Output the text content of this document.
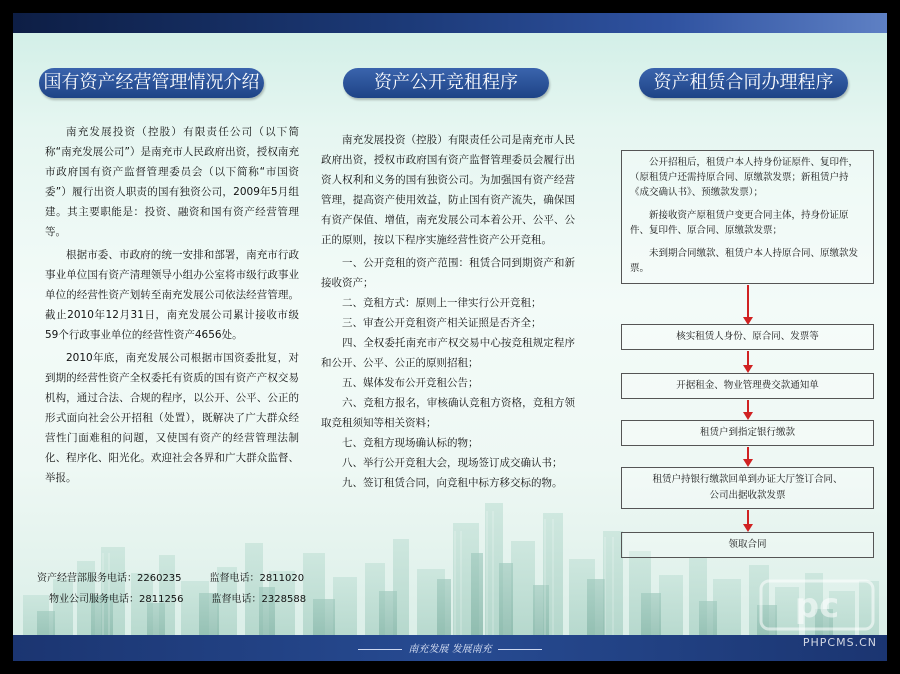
南充发展 发展南充
pc
PHPCMS.CN
国有资产经营管理情况介绍

南充发展投资（控股）有限责任公司（以下简称“南充发展公司”）是南充市人民政府出资，授权南充市政府国有资产监督管理委员会（以下简称“市国资委”）履行出资人职责的国有独资公司，2009年5月组建。其主要职能是：投资、融资和国有资产经营管理等。

根据市委、市政府的统一安排和部署，南充市行政事业单位国有资产清理领导小组办公室将市级行政事业单位的经营性资产划转至南充发展公司依法经营管理。截止2010年12月31日，南充发展公司累计接收市级59个行政事业单位的经营性资产4656处。

2010年底，南充发展公司根据市国资委批复，对到期的经营性资产全权委托有资质的国有资产产权交易机构，通过合法、合规的程序，以公开、公平、公正的形式面向社会公开招租（处置），既解决了广大群众经营性门面难租的问题，又使国有资产的经营管理法制化、程序化、阳光化。欢迎社会各界和广大群众监督、举报。

资产经营部服务电话：2260235	监督电话：2811020
物业公司服务电话：2811256	监督电话：2328588
资产公开竞租程序

南充发展投资（控股）有限责任公司是南充市人民政府出资，授权市政府国有资产监督管理委员会履行出资人权利和义务的国有独资公司。为加强国有资产经营管理，提高资产使用效益，防止国有资产流失，确保国有资产保值、增值，南充发展公司本着公开、公平、公正的原则，按以下程序实施经营性资产公开竞租。

一、公开竞租的资产范围：租赁合同到期资产和新接收资产；

二、竞租方式：原则上一律实行公开竞租；

三、审查公开竞租资产相关证照是否齐全；

四、全权委托南充市产权交易中心按竞租规定程序和公开、公平、公正的原则招租；

五、媒体发布公开竞租公告；

六、竞租方报名，审核确认竞租方资格，竞租方领取竞租须知等相关资料；

七、竞租方现场确认标的物；

八、举行公开竞租大会，现场签订成交确认书；

九、签订租赁合同，向竞租中标方移交标的物。

资产租赁合同办理程序

公开招租后，租赁户本人持身份证原件、复印件，（原租赁户还需持原合同、原缴款发票；新租赁户持《成交确认书》、预缴款发票）；

新接收资产原租赁户变更合同主体，持身份证原件、复印件、原合同、原缴款发票；

未到期合同缴款、租赁户本人持原合同、原缴款发票。

核实租赁人身份、原合同、发票等
开据租金、物业管理费交款通知单
租赁户到指定银行缴款
租赁户持银行缴款回单到办证大厅签订合同、
公司出据收款发票
领取合同
